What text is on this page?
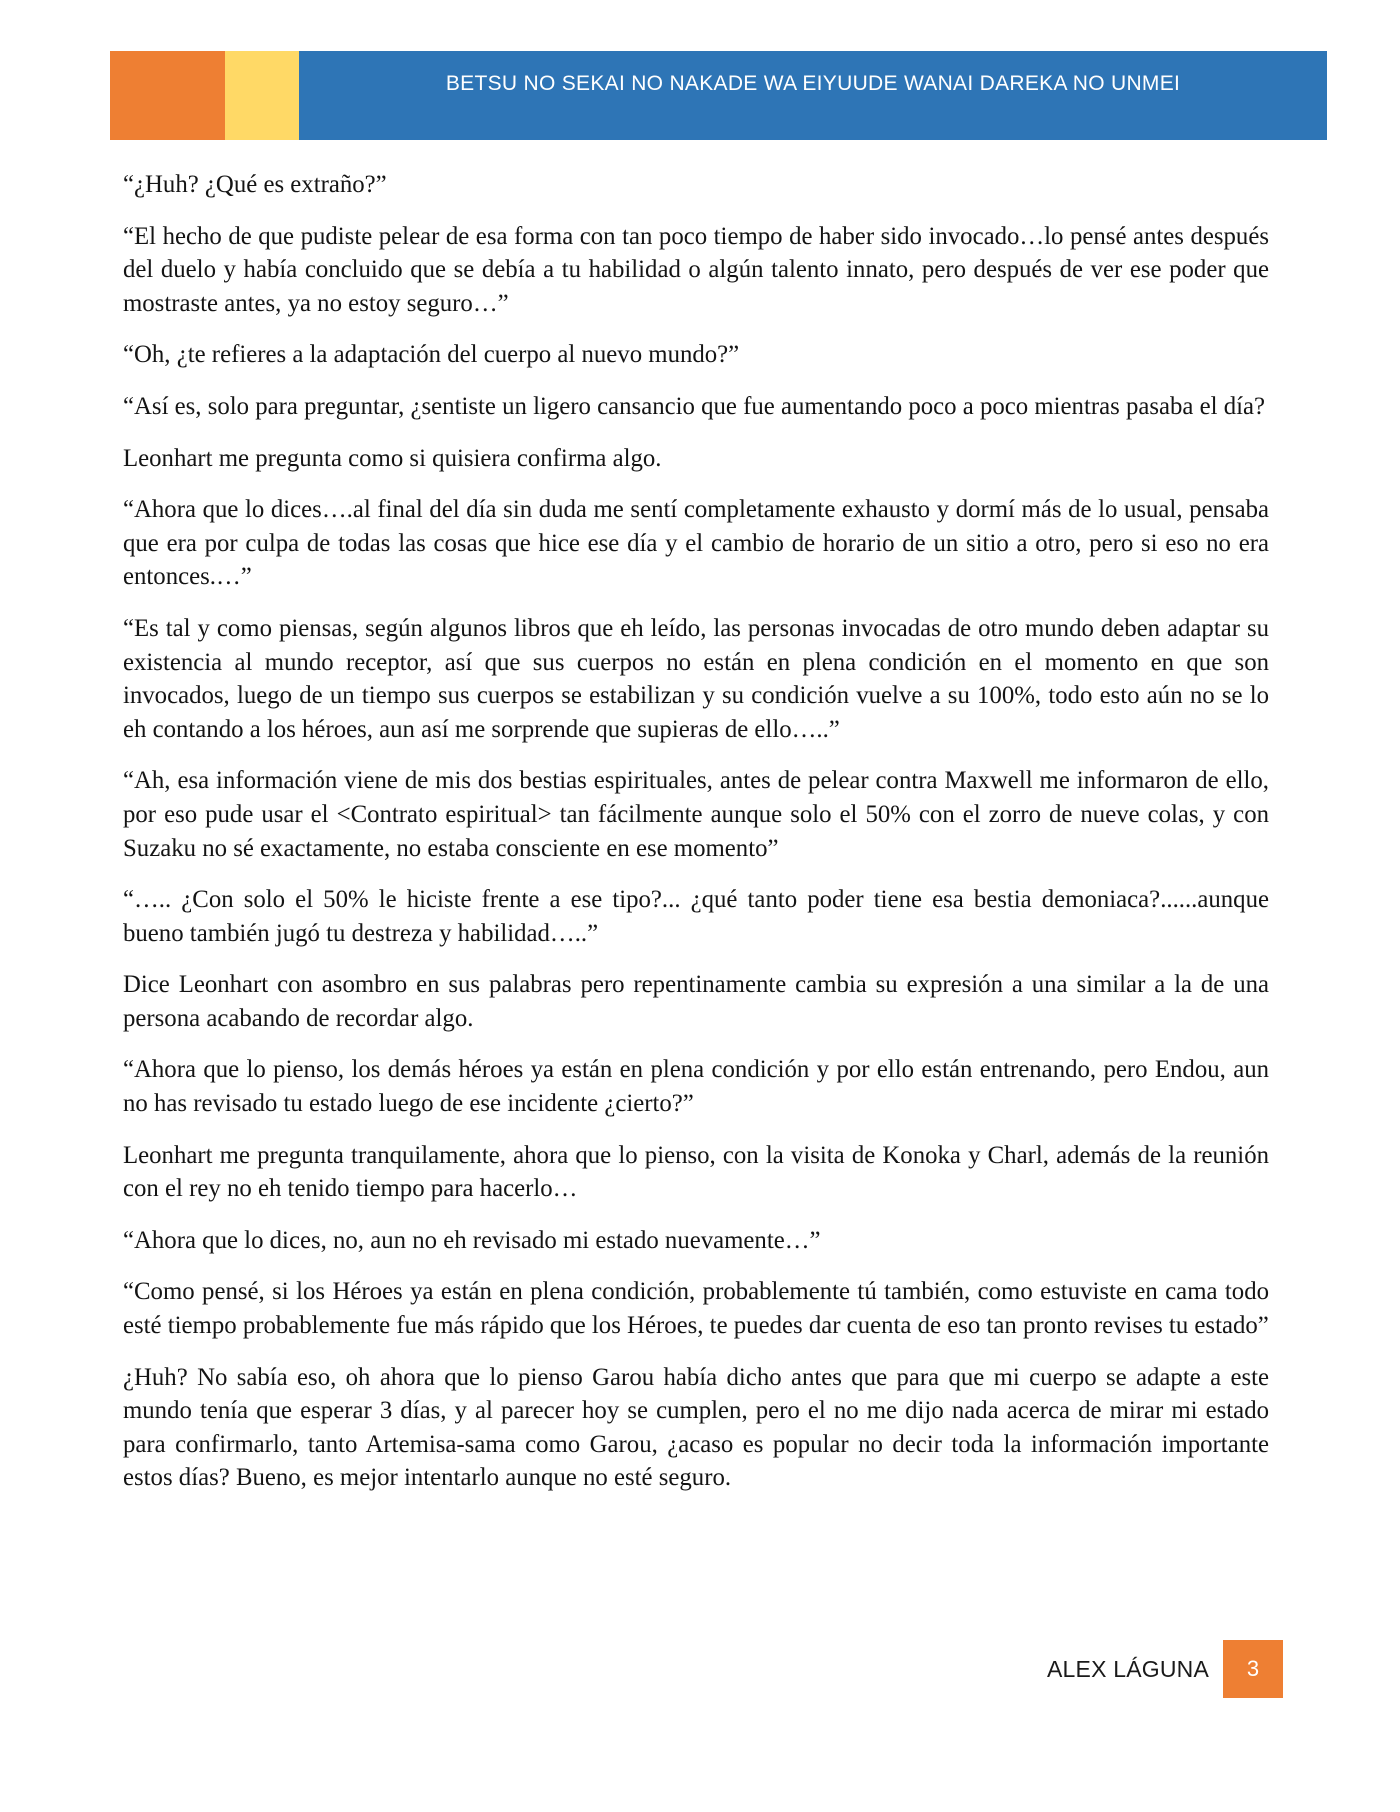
BETSU NO SEKAI NO NAKADE WA EIYUUDE WANAI DAREKA NO UNMEI

“¿Huh? ¿Qué es extraño?”

“El hecho de que pudiste pelear de esa forma con tan poco tiempo de haber sido invocado…lo pensé antes después del duelo y había concluido que se debía a tu habilidad o algún talento innato, pero después de ver ese poder que mostraste antes, ya no estoy seguro…”

“Oh, ¿te refieres a la adaptación del cuerpo al nuevo mundo?”

“Así es, solo para preguntar, ¿sentiste un ligero cansancio que fue aumentando poco a poco mientras pasaba el día?

Leonhart me pregunta como si quisiera confirma algo.

“Ahora que lo dices….al final del día sin duda me sentí completamente exhausto y dormí más de lo usual, pensaba que era por culpa de todas las cosas que hice ese día y el cambio de horario de un sitio a otro, pero si eso no era entonces.…”

“Es tal y como piensas, según algunos libros que eh leído, las personas invocadas de otro mundo deben adaptar su existencia al mundo receptor, así que sus cuerpos no están en plena condición en el momento en que son invocados, luego de un tiempo sus cuerpos se estabilizan y su condición vuelve a su 100%, todo esto aún no se lo eh contando a los héroes, aun así me sorprende que supieras de ello…..”

“Ah, esa información viene de mis dos bestias espirituales, antes de pelear contra Maxwell me informaron de ello, por eso pude usar el <Contrato espiritual> tan fácilmente aunque solo el 50% con el zorro de nueve colas, y con Suzaku no sé exactamente, no estaba consciente en ese momento”

“….. ¿Con solo el 50% le hiciste frente a ese tipo?... ¿qué tanto poder tiene esa bestia demoniaca?......aunque bueno también jugó tu destreza y habilidad…..”

Dice Leonhart con asombro en sus palabras pero repentinamente cambia su expresión a una similar a la de una persona acabando de recordar algo.

“Ahora que lo pienso, los demás héroes ya están en plena condición y por ello están entrenando, pero Endou, aun no has revisado tu estado luego de ese incidente ¿cierto?”

Leonhart me pregunta tranquilamente, ahora que lo pienso, con la visita de Konoka y Charl, además de la reunión con el rey no eh tenido tiempo para hacerlo…

“Ahora que lo dices, no, aun no eh revisado mi estado nuevamente…”

“Como pensé, si los Héroes ya están en plena condición, probablemente tú también, como estuviste en cama todo esté tiempo probablemente fue más rápido que los Héroes, te puedes dar cuenta de eso tan pronto revises tu estado”

¿Huh? No sabía eso, oh ahora que lo pienso Garou había dicho antes que para que mi cuerpo se adapte a este mundo tenía que esperar 3 días, y al parecer hoy se cumplen, pero el no me dijo nada acerca de mirar mi estado para confirmarlo, tanto Artemisa-sama como Garou, ¿acaso es popular no decir toda la información importante estos días? Bueno, es mejor intentarlo aunque no esté seguro.

ALEX LÁGUNA	3
